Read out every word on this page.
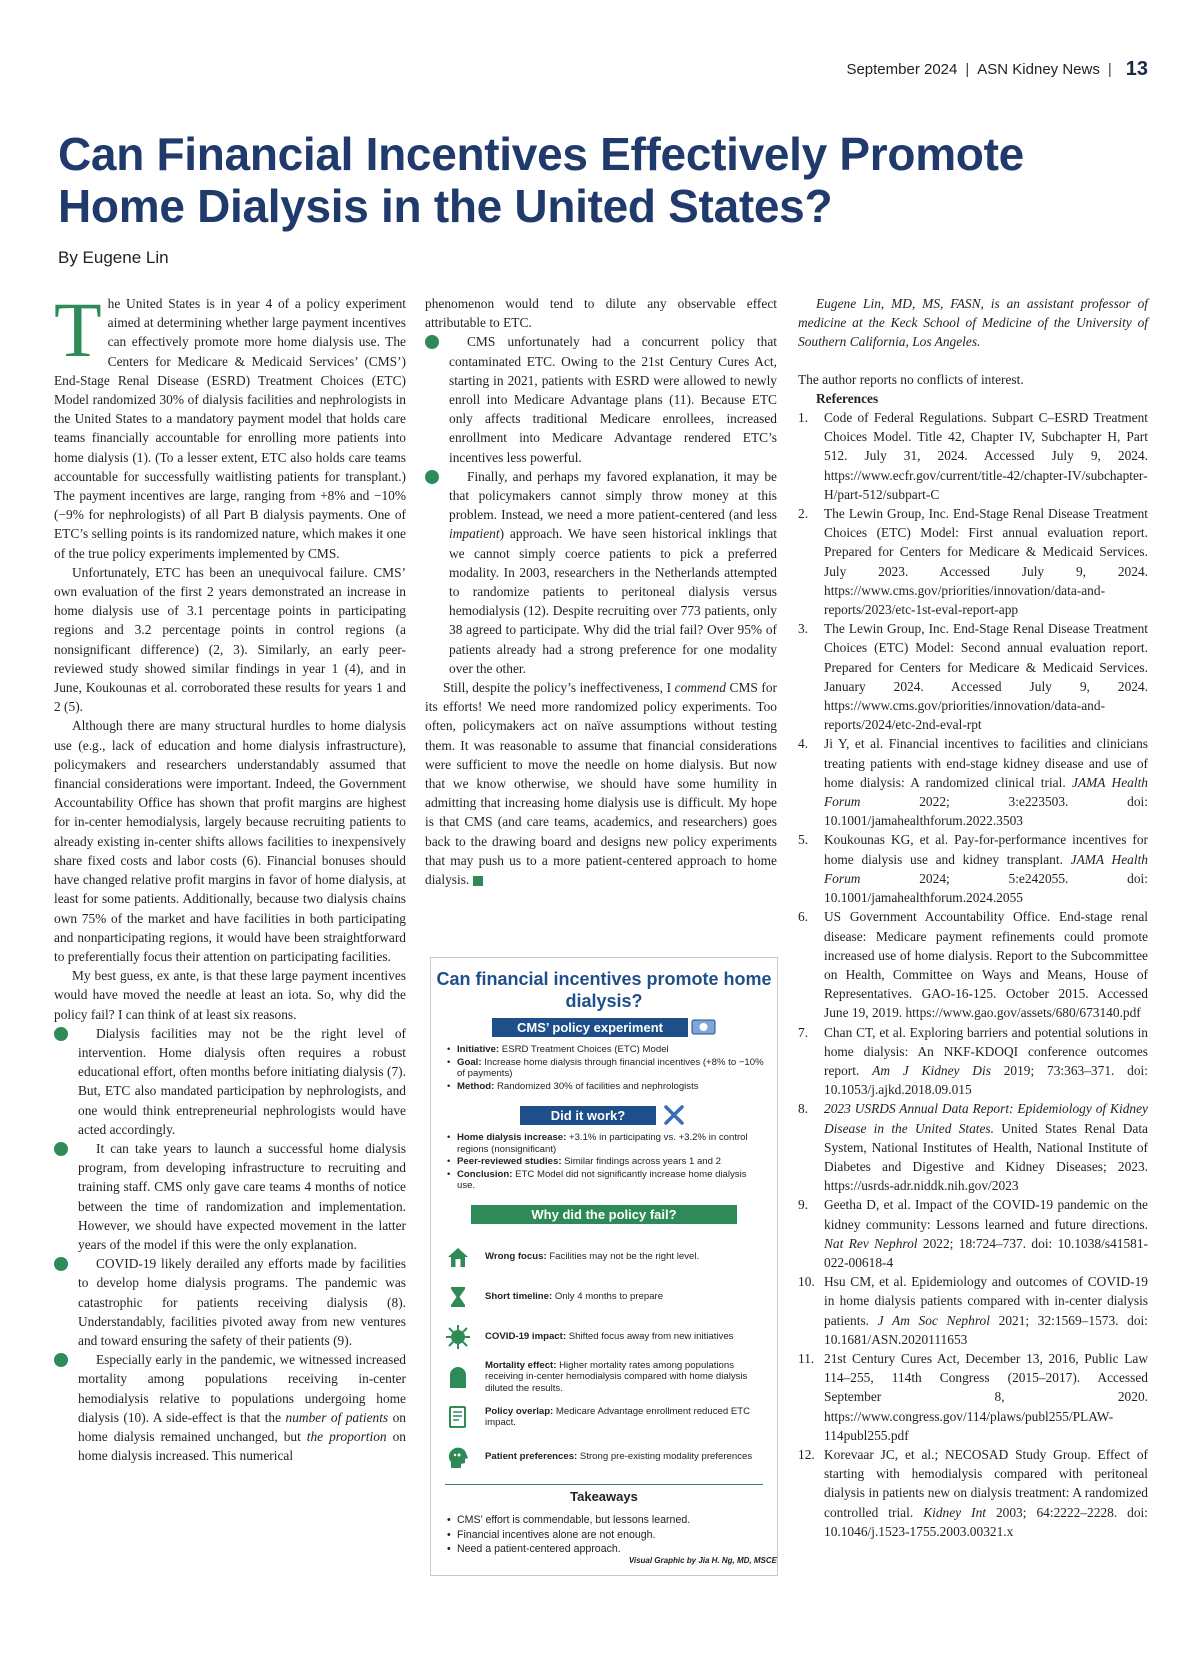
September 2024 | ASN Kidney News | 13
Can Financial Incentives Effectively Promote Home Dialysis in the United States?
By Eugene Lin

The United States is in year 4 of a policy experiment aimed at determining whether large payment incentives can effectively promote more home dialysis use. The Centers for Medicare & Medicaid Services’ (CMS’) End-Stage Renal Disease (ESRD) Treatment Choices (ETC) Model randomized 30% of dialysis facilities and nephrologists in the United States to a mandatory payment model that holds care teams financially accountable for enrolling more patients into home dialysis (1). (To a lesser extent, ETC also holds care teams accountable for successfully waitlisting patients for transplant.) The payment incentives are large, ranging from +8% and −10% (−9% for nephrologists) of all Part B dialysis payments. One of ETC’s selling points is its randomized nature, which makes it one of the true policy experiments implemented by CMS.

Unfortunately, ETC has been an unequivocal failure. CMS’ own evaluation of the first 2 years demonstrated an increase in home dialysis use of 3.1 percentage points in participating regions and 3.2 percentage points in control regions (a nonsignificant difference) (2, 3). Similarly, an early peer-reviewed study showed similar findings in year 1 (4), and in June, Koukounas et al. corroborated these results for years 1 and 2 (5).

Although there are many structural hurdles to home dialysis use (e.g., lack of education and home dialysis infrastructure), policymakers and researchers understandably assumed that financial considerations were important. Indeed, the Government Accountability Office has shown that profit margins are highest for in-center hemodialysis, largely because recruiting patients to already existing in-center shifts allows facilities to inexpensively share fixed costs and labor costs (6). Financial bonuses should have changed relative profit margins in favor of home dialysis, at least for some patients. Additionally, because two dialysis chains own 75% of the market and have facilities in both participating and nonparticipating regions, it would have been straightforward to preferentially focus their attention on participating facilities.

My best guess, ex ante, is that these large payment incentives would have moved the needle at least an iota. So, why did the policy fail? I can think of at least six reasons.

1 Dialysis facilities may not be the right level of intervention. Home dialysis often requires a robust educational effort, often months before initiating dialysis (7). But, ETC also mandated participation by nephrologists, and one would think entrepreneurial nephrologists would have acted accordingly.

2 It can take years to launch a successful home dialysis program, from developing infrastructure to recruiting and training staff. CMS only gave care teams 4 months of notice between the time of randomization and implementation. However, we should have expected movement in the latter years of the model if this were the only explanation.

3 COVID-19 likely derailed any efforts made by facilities to develop home dialysis programs. The pandemic was catastrophic for patients receiving dialysis (8). Understandably, facilities pivoted away from new ventures and toward ensuring the safety of their patients (9).

4 Especially early in the pandemic, we witnessed increased mortality among populations receiving in-center hemodialysis relative to populations undergoing home dialysis (10). A side-effect is that the number of patients on home dialysis remained unchanged, but the proportion on home dialysis increased. This numerical

phenomenon would tend to dilute any observable effect attributable to ETC.

5 CMS unfortunately had a concurrent policy that contaminated ETC. Owing to the 21st Century Cures Act, starting in 2021, patients with ESRD were allowed to newly enroll into Medicare Advantage plans (11). Because ETC only affects traditional Medicare enrollees, increased enrollment into Medicare Advantage rendered ETC’s incentives less powerful.

6 Finally, and perhaps my favored explanation, it may be that policymakers cannot simply throw money at this problem. Instead, we need a more patient-centered (and less impatient) approach. We have seen historical inklings that we cannot simply coerce patients to pick a preferred modality. In 2003, researchers in the Netherlands attempted to randomize patients to peritoneal dialysis versus hemodialysis (12). Despite recruiting over 773 patients, only 38 agreed to participate. Why did the trial fail? Over 95% of patients already had a strong preference for one modality over the other.

Still, despite the policy’s ineffectiveness, I commend CMS for its efforts! We need more randomized policy experiments. Too often, policymakers act on naïve assumptions without testing them. It was reasonable to assume that financial considerations were sufficient to move the needle on home dialysis. But now that we know otherwise, we should have some humility in admitting that increasing home dialysis use is difficult. My hope is that CMS (and care teams, academics, and researchers) goes back to the drawing board and designs new policy experiments that may push us to a more patient-centered approach to home dialysis.

Can financial incentives promote home dialysis?
CMS’ policy experiment
• Initiative: ESRD Treatment Choices (ETC) Model
• Goal: Increase home dialysis through financial incentives (+8% to −10% of payments)
• Method: Randomized 30% of facilities and nephrologists
Did it work?
• Home dialysis increase: +3.1% in participating vs. +3.2% in control regions (nonsignificant)
• Peer-reviewed studies: Similar findings across years 1 and 2
• Conclusion: ETC Model did not significantly increase home dialysis use.
Why did the policy fail?
Wrong focus: Facilities may not be the right level.
Short timeline: Only 4 months to prepare
COVID-19 impact: Shifted focus away from new initiatives
Mortality effect: Higher mortality rates among populations receiving in-center hemodialysis compared with home dialysis diluted the results.
Policy overlap: Medicare Advantage enrollment reduced ETC impact.
Patient preferences: Strong pre-existing modality preferences
Takeaways
• CMS’ effort is commendable, but lessons learned.
• Financial incentives alone are not enough.
• Need a patient-centered approach.
Visual Graphic by Jia H. Ng, MD, MSCE

Eugene Lin, MD, MS, FASN, is an assistant professor of medicine at the Keck School of Medicine of the University of Southern California, Los Angeles.

The author reports no conflicts of interest.

References

1. Code of Federal Regulations. Subpart C–ESRD Treatment Choices Model. Title 42, Chapter IV, Subchapter H, Part 512. July 31, 2024. Accessed July 9, 2024. https://www.ecfr.gov/current/title-42/chapter-IV/subchapter-H/part-512/subpart-C
2. The Lewin Group, Inc. End-Stage Renal Disease Treatment Choices (ETC) Model: First annual evaluation report. Prepared for Centers for Medicare & Medicaid Services. July 2023. Accessed July 9, 2024. https://www.cms.gov/priorities/innovation/data-and-reports/2023/etc-1st-eval-report-app
3. The Lewin Group, Inc. End-Stage Renal Disease Treatment Choices (ETC) Model: Second annual evaluation report. Prepared for Centers for Medicare & Medicaid Services. January 2024. Accessed July 9, 2024. https://www.cms.gov/priorities/innovation/data-and-reports/2024/etc-2nd-eval-rpt
4. Ji Y, et al. Financial incentives to facilities and clinicians treating patients with end-stage kidney disease and use of home dialysis: A randomized clinical trial. JAMA Health Forum 2022; 3:e223503. doi: 10.1001/jamahealthforum.2022.3503
5. Koukounas KG, et al. Pay-for-performance incentives for home dialysis use and kidney transplant. JAMA Health Forum 2024; 5:e242055. doi: 10.1001/jamahealthforum.2024.2055
6. US Government Accountability Office. End-stage renal disease: Medicare payment refinements could promote increased use of home dialysis. Report to the Subcommittee on Health, Committee on Ways and Means, House of Representatives. GAO-16-125. October 2015. Accessed June 19, 2019. https://www.gao.gov/assets/680/673140.pdf
7. Chan CT, et al. Exploring barriers and potential solutions in home dialysis: An NKF-KDOQI conference outcomes report. Am J Kidney Dis 2019; 73:363–371. doi: 10.1053/j.ajkd.2018.09.015
8. 2023 USRDS Annual Data Report: Epidemiology of Kidney Disease in the United States. United States Renal Data System, National Institutes of Health, National Institute of Diabetes and Digestive and Kidney Diseases; 2023. https://usrds-adr.niddk.nih.gov/2023
9. Geetha D, et al. Impact of the COVID-19 pandemic on the kidney community: Lessons learned and future directions. Nat Rev Nephrol 2022; 18:724–737. doi: 10.1038/s41581-022-00618-4
10. Hsu CM, et al. Epidemiology and outcomes of COVID-19 in home dialysis patients compared with in-center dialysis patients. J Am Soc Nephrol 2021; 32:1569–1573. doi: 10.1681/ASN.2020111653
11. 21st Century Cures Act, December 13, 2016, Public Law 114–255, 114th Congress (2015–2017). Accessed September 8, 2020. https://www.congress.gov/114/plaws/publ255/PLAW-114publ255.pdf
12. Korevaar JC, et al.; NECOSAD Study Group. Effect of starting with hemodialysis compared with peritoneal dialysis in patients new on dialysis treatment: A randomized controlled trial. Kidney Int 2003; 64:2222–2228. doi: 10.1046/j.1523-1755.2003.00321.x
